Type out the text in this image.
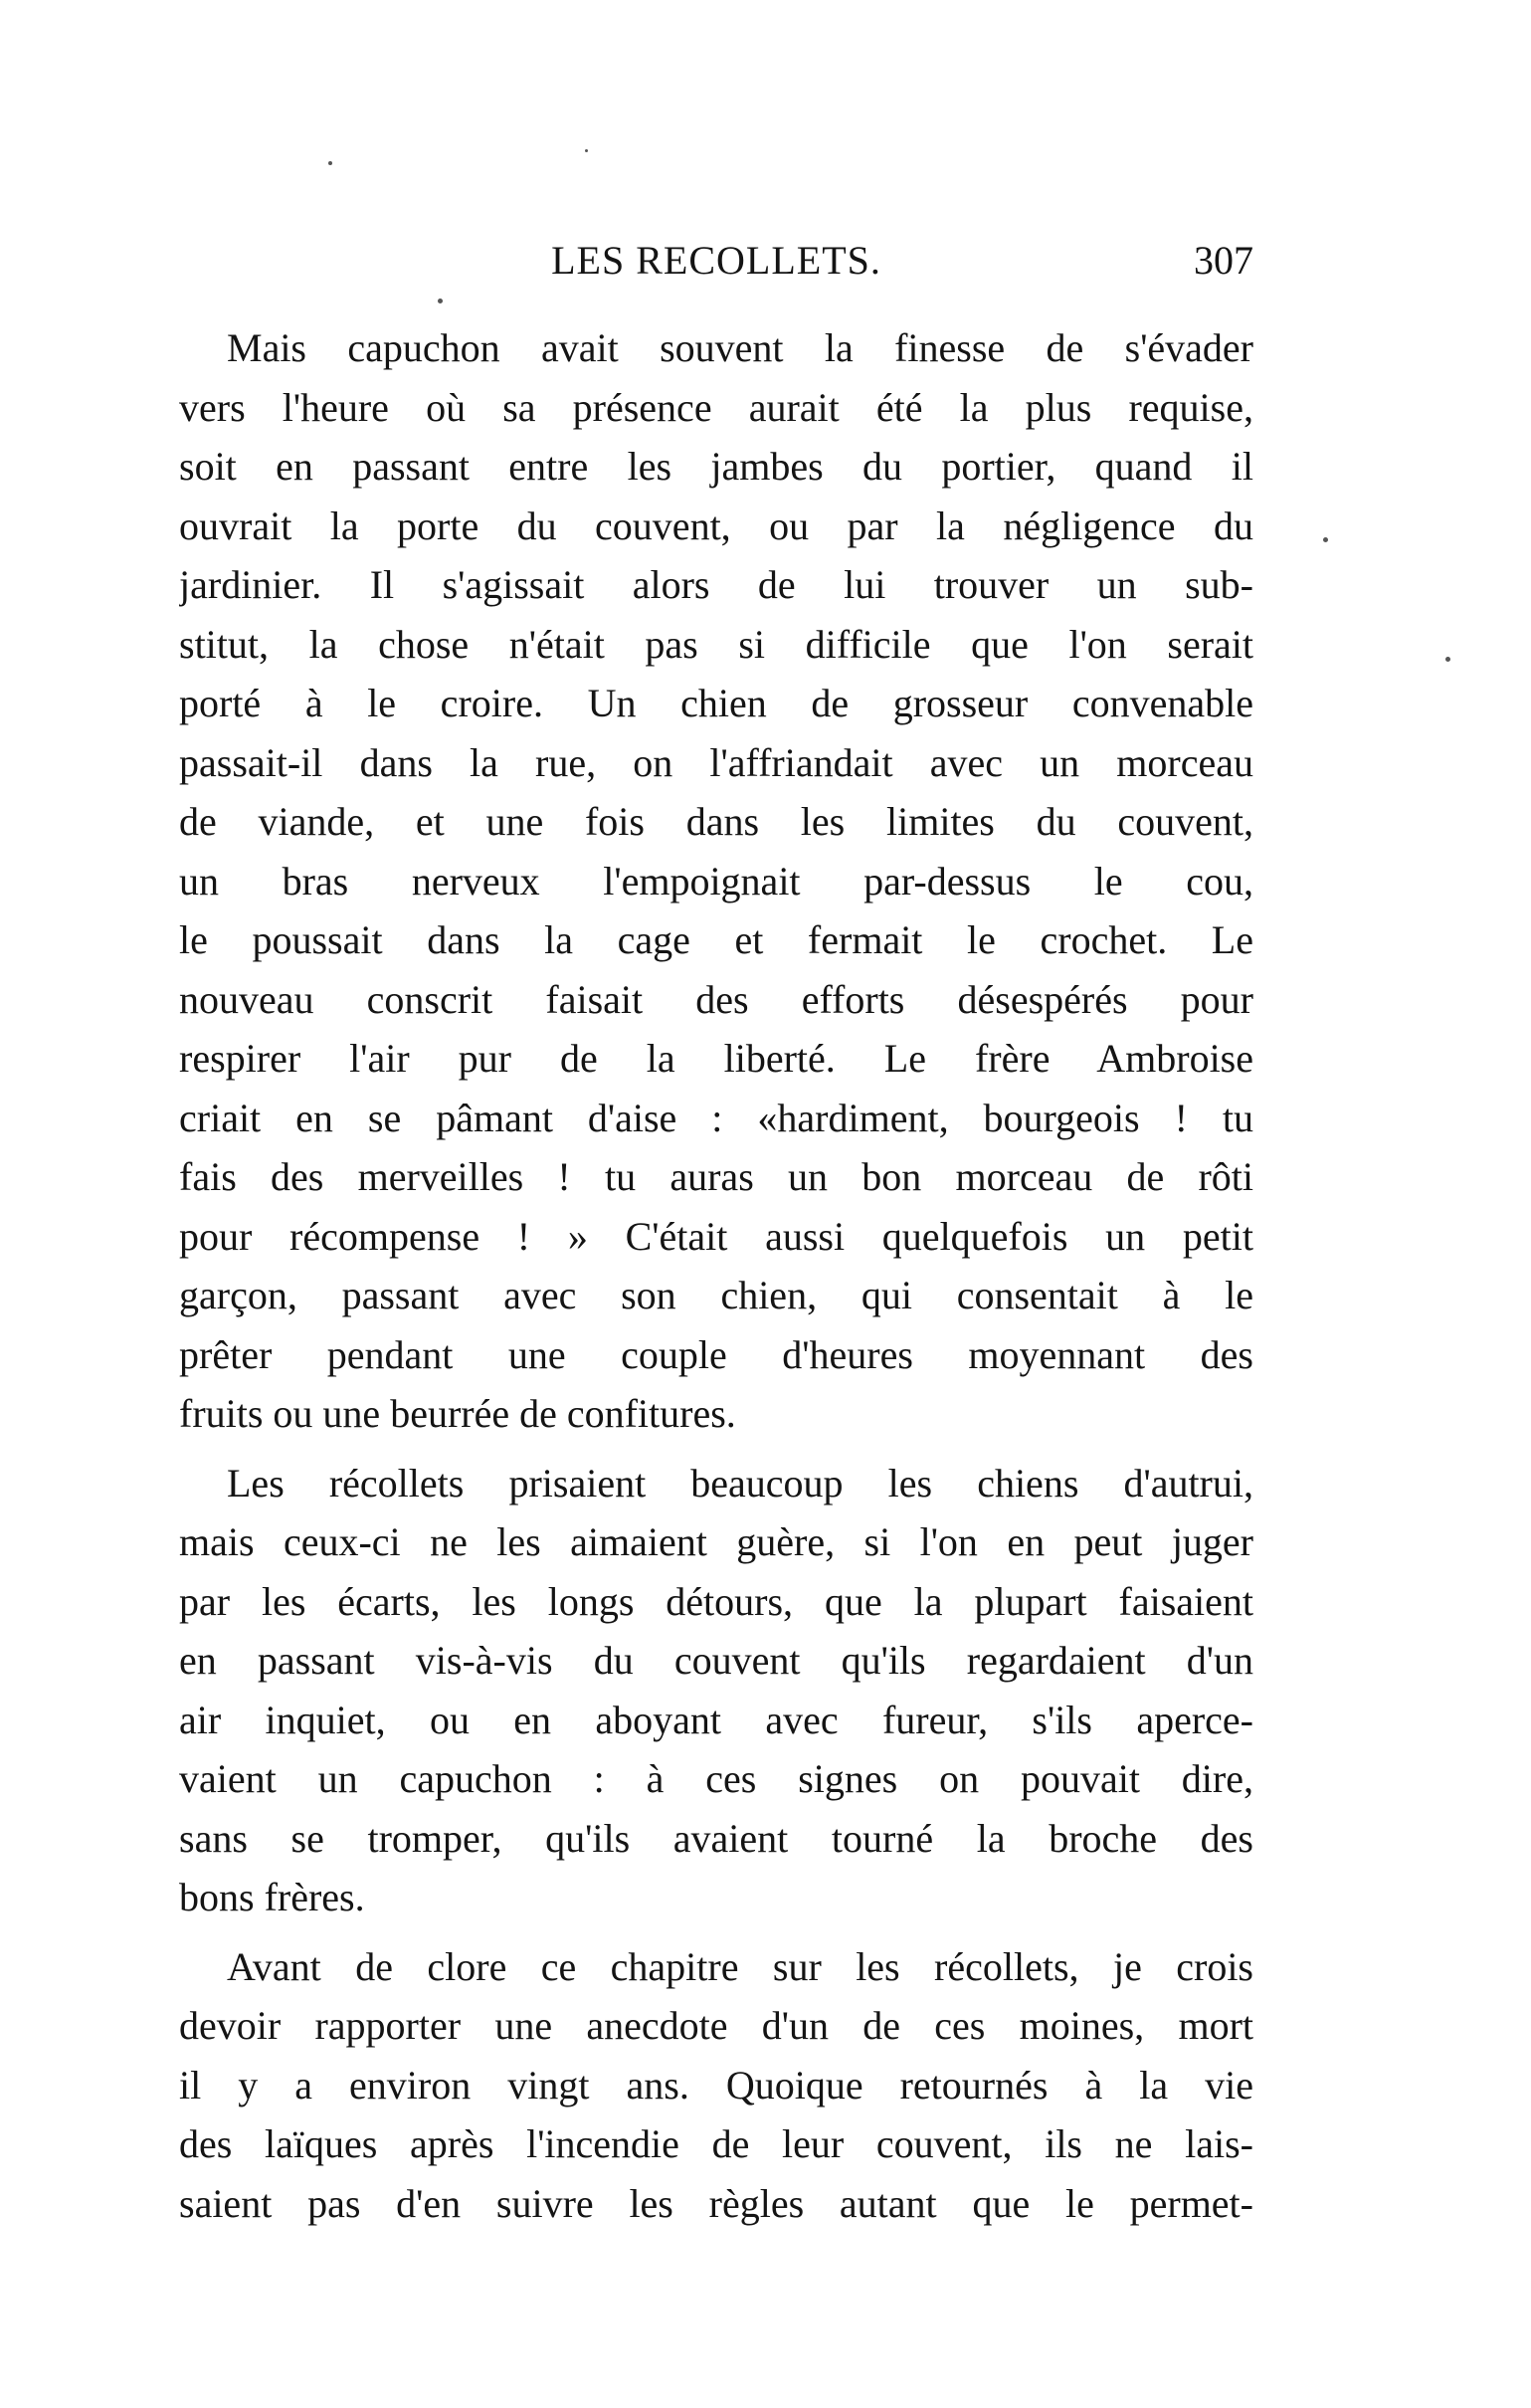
LES RECOLLETS.	307
Mais capuchon avait souvent la finesse de s'évader
vers l'heure où sa présence aurait été la plus requise,
soit en passant entre les jambes du portier, quand il
ouvrait la porte du couvent, ou par la négligence du
jardinier. Il s'agissait alors de lui trouver un sub-
stitut, la chose n'était pas si difficile que l'on serait
porté à le croire. Un chien de grosseur convenable
passait-il dans la rue, on l'affriandait avec un morceau
de viande, et une fois dans les limites du couvent,
un bras nerveux l'empoignait par-dessus le cou,
le poussait dans la cage et fermait le crochet. Le
nouveau conscrit faisait des efforts désespérés pour
respirer l'air pur de la liberté. Le frère Ambroise
criait en se pâmant d'aise : «hardiment, bourgeois ! tu
fais des merveilles ! tu auras un bon morceau de rôti
pour récompense ! » C'était aussi quelquefois un petit
garçon, passant avec son chien, qui consentait à le
prêter pendant une couple d'heures moyennant des
fruits ou une beurrée de confitures.
Les récollets prisaient beaucoup les chiens d'autrui,
mais ceux-ci ne les aimaient guère, si l'on en peut juger
par les écarts, les longs détours, que la plupart faisaient
en passant vis-à-vis du couvent qu'ils regardaient d'un
air inquiet, ou en aboyant avec fureur, s'ils aperce-
vaient un capuchon : à ces signes on pouvait dire,
sans se tromper, qu'ils avaient tourné la broche des
bons frères.
Avant de clore ce chapitre sur les récollets, je crois
devoir rapporter une anecdote d'un de ces moines, mort
il y a environ vingt ans. Quoique retournés à la vie
des laïques après l'incendie de leur couvent, ils ne lais-
saient pas d'en suivre les règles autant que le permet-
